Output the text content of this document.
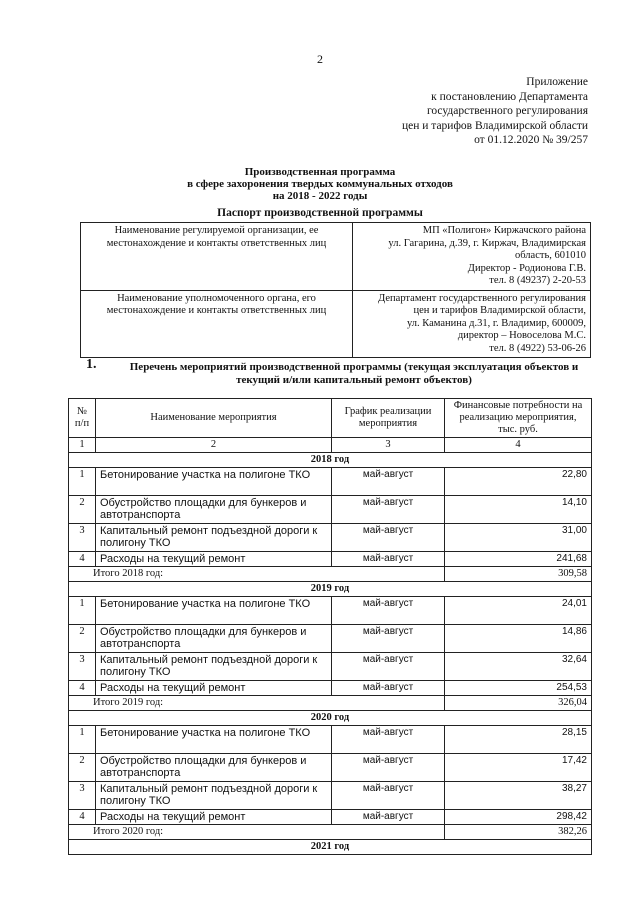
2
Приложение
к постановлению Департамента
государственного регулирования
цен и тарифов Владимирской области
от 01.12.2020 № 39/257
Производственная программа
в сфере захоронения твердых коммунальных отходов
на 2018 - 2022 годы
Паспорт производственной программы
Наименование регулируемой организации, ее
местонахождение и контакты ответственных лиц	МП «Полигон» Киржачского района
ул. Гагарина, д.39, г. Киржач, Владимирская
область, 601010
Директор - Родионова Г.В.
тел. 8 (49237) 2-20-53

Наименование уполномоченного органа, его
местонахождение и контакты ответственных лиц	Департамент государственного регулирования
цен и тарифов Владимирской области,
ул. Каманина д.31, г. Владимир, 600009,
директор – Новоселова М.С.
тел. 8 (4922) 53-06-26
1.	Перечень мероприятий производственной программы (текущая эксплуатация объектов и
текущий и/или капитальный ремонт объектов)
№ п/п	Наименование мероприятия	График реализации мероприятия	Финансовые потребности на реализацию мероприятия, тыс. руб.
1	2	3	4
2018 год			
1	Бетонирование участка на полигоне ТКО	май-август	22,80
2	Обустройство площадки для бункеров и автотранспорта	май-август	14,10
3	Капитальный ремонт подъездной дороги к полигону ТКО	май-август	31,00
4	Расходы на текущий ремонт	май-август	241,68
Итого 2018 год:			309,58
2019 год			
1	Бетонирование участка на полигоне ТКО	май-август	24,01
2	Обустройство площадки для бункеров и автотранспорта	май-август	14,86
3	Капитальный ремонт подъездной дороги к полигону ТКО	май-август	32,64
4	Расходы на текущий ремонт	май-август	254,53
Итого 2019 год:			326,04
2020 год			
1	Бетонирование участка на полигоне ТКО	май-август	28,15
2	Обустройство площадки для бункеров и автотранспорта	май-август	17,42
3	Капитальный ремонт подъездной дороги к полигону ТКО	май-август	38,27
4	Расходы на текущий ремонт	май-август	298,42
Итого 2020 год:			382,26
2021 год			
